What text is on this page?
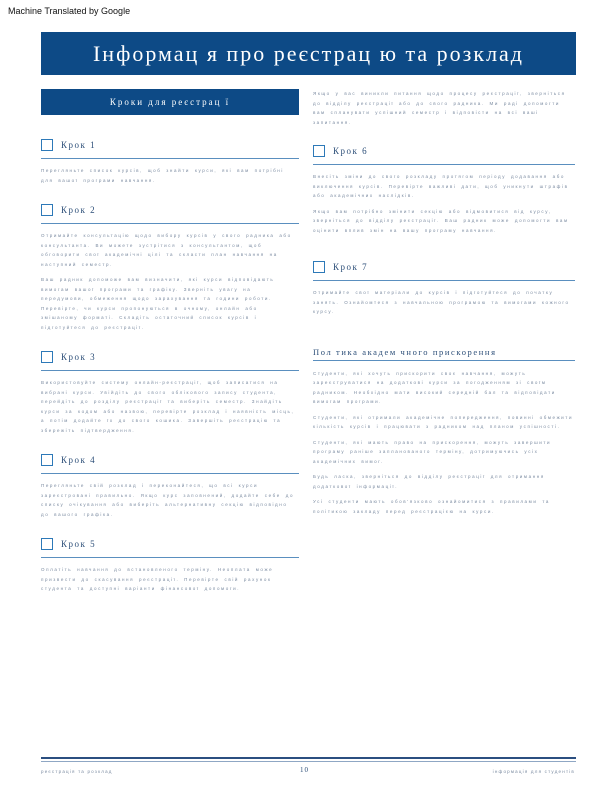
Machine Translated by Google
Інформац я про реєстрац ю та розклад
Кроки для реєстрац ї
Крок 1

Перегляньте список курсів, щоб знайти курси, які вам потрібні для вашої програми навчання.

Крок 2

Отримайте консультацію щодо вибору курсів у свого радника або консультанта. Ви можете зустрітися з консультантом, щоб обговорити свої академічні цілі та скласти план навчання на наступний семестр.

Ваш радник допоможе вам визначити, які курси відповідають вимогам вашої програми та графіку. Зверніть увагу на передумови, обмеження щодо зарахування та години роботи. Перевірте, чи курси пропонуються в очному, онлайн або змішаному форматі. Складіть остаточний список курсів і підготуйтеся до реєстрації.

Крок 3

Використовуйте систему онлайн-реєстрації, щоб записатися на вибрані курси. Увійдіть до свого облікового запису студента, перейдіть до розділу реєстрації та виберіть семестр. Знайдіть курси за кодом або назвою, перевірте розклад і наявність місць, а потім додайте їх до свого кошика. Завершіть реєстрацію та збережіть підтвердження.

Крок 4

Перегляньте свій розклад і переконайтеся, що всі курси зареєстровані правильно. Якщо курс заповнений, додайте себе до списку очікування або виберіть альтернативну секцію відповідно до вашого графіка.

Крок 5

Оплатіть навчання до встановленого терміну. Неоплата може призвести до скасування реєстрації. Перевірте свій рахунок студента та доступні варіанти фінансової допомоги.

Якщо у вас виникли питання щодо процесу реєстрації, зверніться до відділу реєстрації або до свого радника. Ми раді допомогти вам спланувати успішний семестр і відповісти на всі ваші запитання.

Крок 6

Внесіть зміни до свого розкладу протягом періоду додавання або виключення курсів. Перевірте важливі дати, щоб уникнути штрафів або академічних наслідків.

Якщо вам потрібно змінити секцію або відмовитися від курсу, зверніться до відділу реєстрації. Ваш радник може допомогти вам оцінити вплив змін на вашу програму навчання.

Крок 7

Отримайте свої матеріали до курсів і підготуйтеся до початку занять. Ознайомтеся з навчальною програмою та вимогами кожного курсу.

Пол тика академ чного прискорення

Студенти, які хочуть прискорити своє навчання, можуть зареєструватися на додаткові курси за погодженням зі своїм радником. Необхідно мати високий середній бал та відповідати вимогам програми.

Студенти, які отримали академічне попередження, повинні обмежити кількість курсів і працювати з радником над планом успішності.

Студенти, які мають право на прискорення, можуть завершити програму раніше запланованого терміну, дотримуючись усіх академічних вимог.

Будь ласка, зверніться до відділу реєстрації для отримання додаткової інформації.

Усі студенти мають обов'язково ознайомитися з правилами та політикою закладу перед реєстрацією на курси.

реєстрація та розклад	10	інформація для студентів
